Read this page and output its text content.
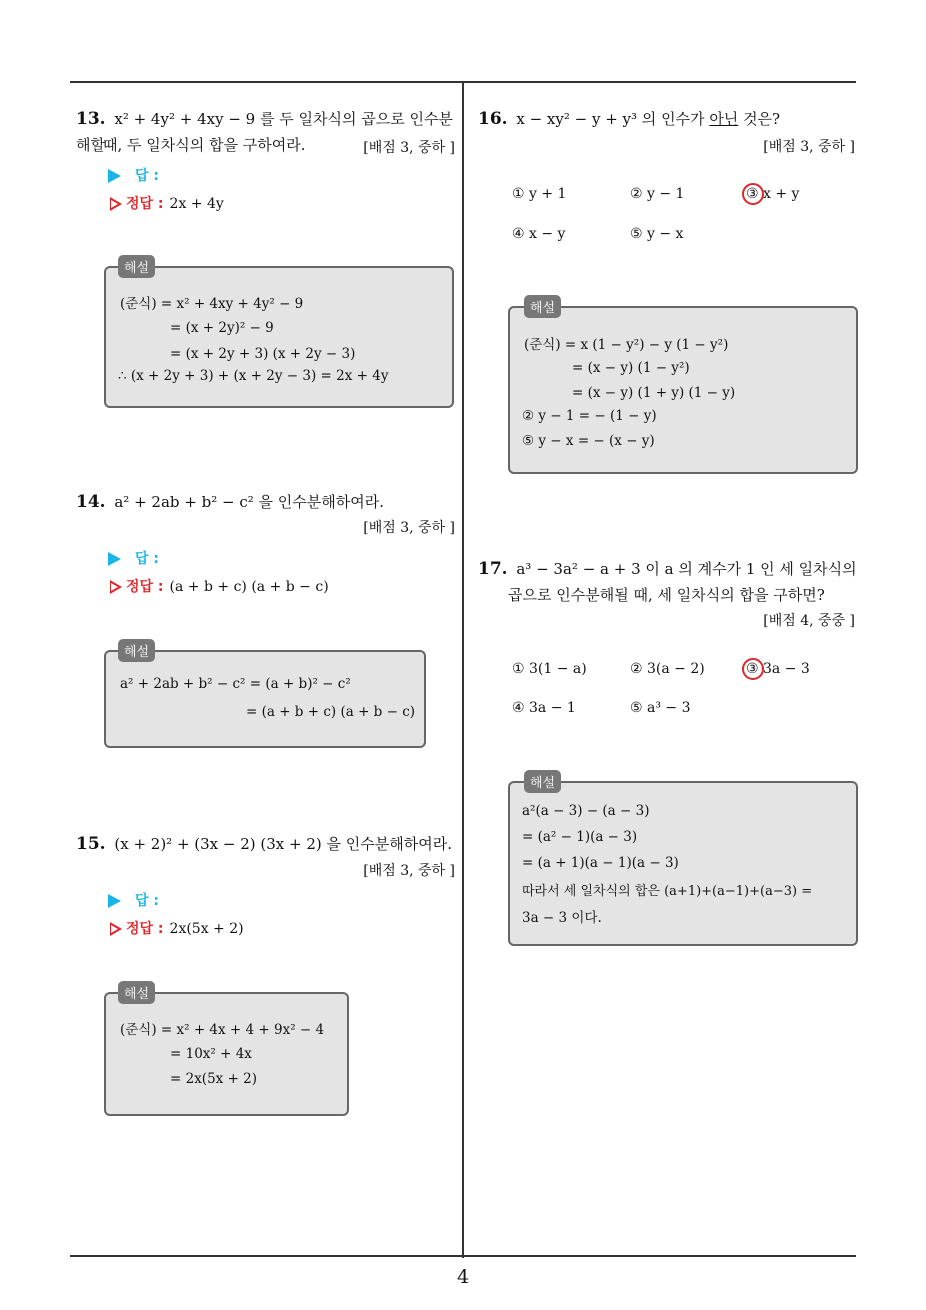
4
13. x² + 4y² + 4xy − 9 를 두 일차식의 곱으로 인수분해할
때, 두 일차식의 합을 구하여라.	[배점 3, 중하 ]
답 :
정답 : 2x + 4y
해설
(준식) = x² + 4xy + 4y² − 9
= (x + 2y)² − 9
= (x + 2y + 3) (x + 2y − 3)
∴ (x + 2y + 3) + (x + 2y − 3) = 2x + 4y
14. a² + 2ab + b² − c² 을 인수분해하여라.
[배점 3, 중하 ]
답 :
정답 : (a + b + c) (a + b − c)
해설
a² + 2ab + b² − c² = (a + b)² − c²
= (a + b + c) (a + b − c)
15. (x + 2)² + (3x − 2) (3x + 2) 을 인수분해하여라.
[배점 3, 중하 ]
답 :
정답 : 2x(5x + 2)
해설
(준식) = x² + 4x + 4 + 9x² − 4
= 10x² + 4x
= 2x(5x + 2)
16. x − xy² − y + y³ 의 인수가 아닌 것은?
[배점 3, 중하 ]
① y + 1	② y − 1	③ x + y
④ x − y	⑤ y − x
해설
(준식) = x (1 − y²) − y (1 − y²)
= (x − y) (1 − y²)
= (x − y) (1 + y) (1 − y)
② y − 1 = − (1 − y)
⑤ y − x = − (x − y)
17. a³ − 3a² − a + 3 이 a 의 계수가 1 인 세 일차식의
곱으로 인수분해될 때, 세 일차식의 합을 구하면?
[배점 4, 중중 ]
① 3(1 − a)	② 3(a − 2)	③ 3a − 3
④ 3a − 1	⑤ a³ − 3
해설
a²(a − 3) − (a − 3)
= (a² − 1)(a − 3)
= (a + 1)(a − 1)(a − 3)
따라서 세 일차식의 합은 (a+1)+(a−1)+(a−3) =
3a − 3 이다.
